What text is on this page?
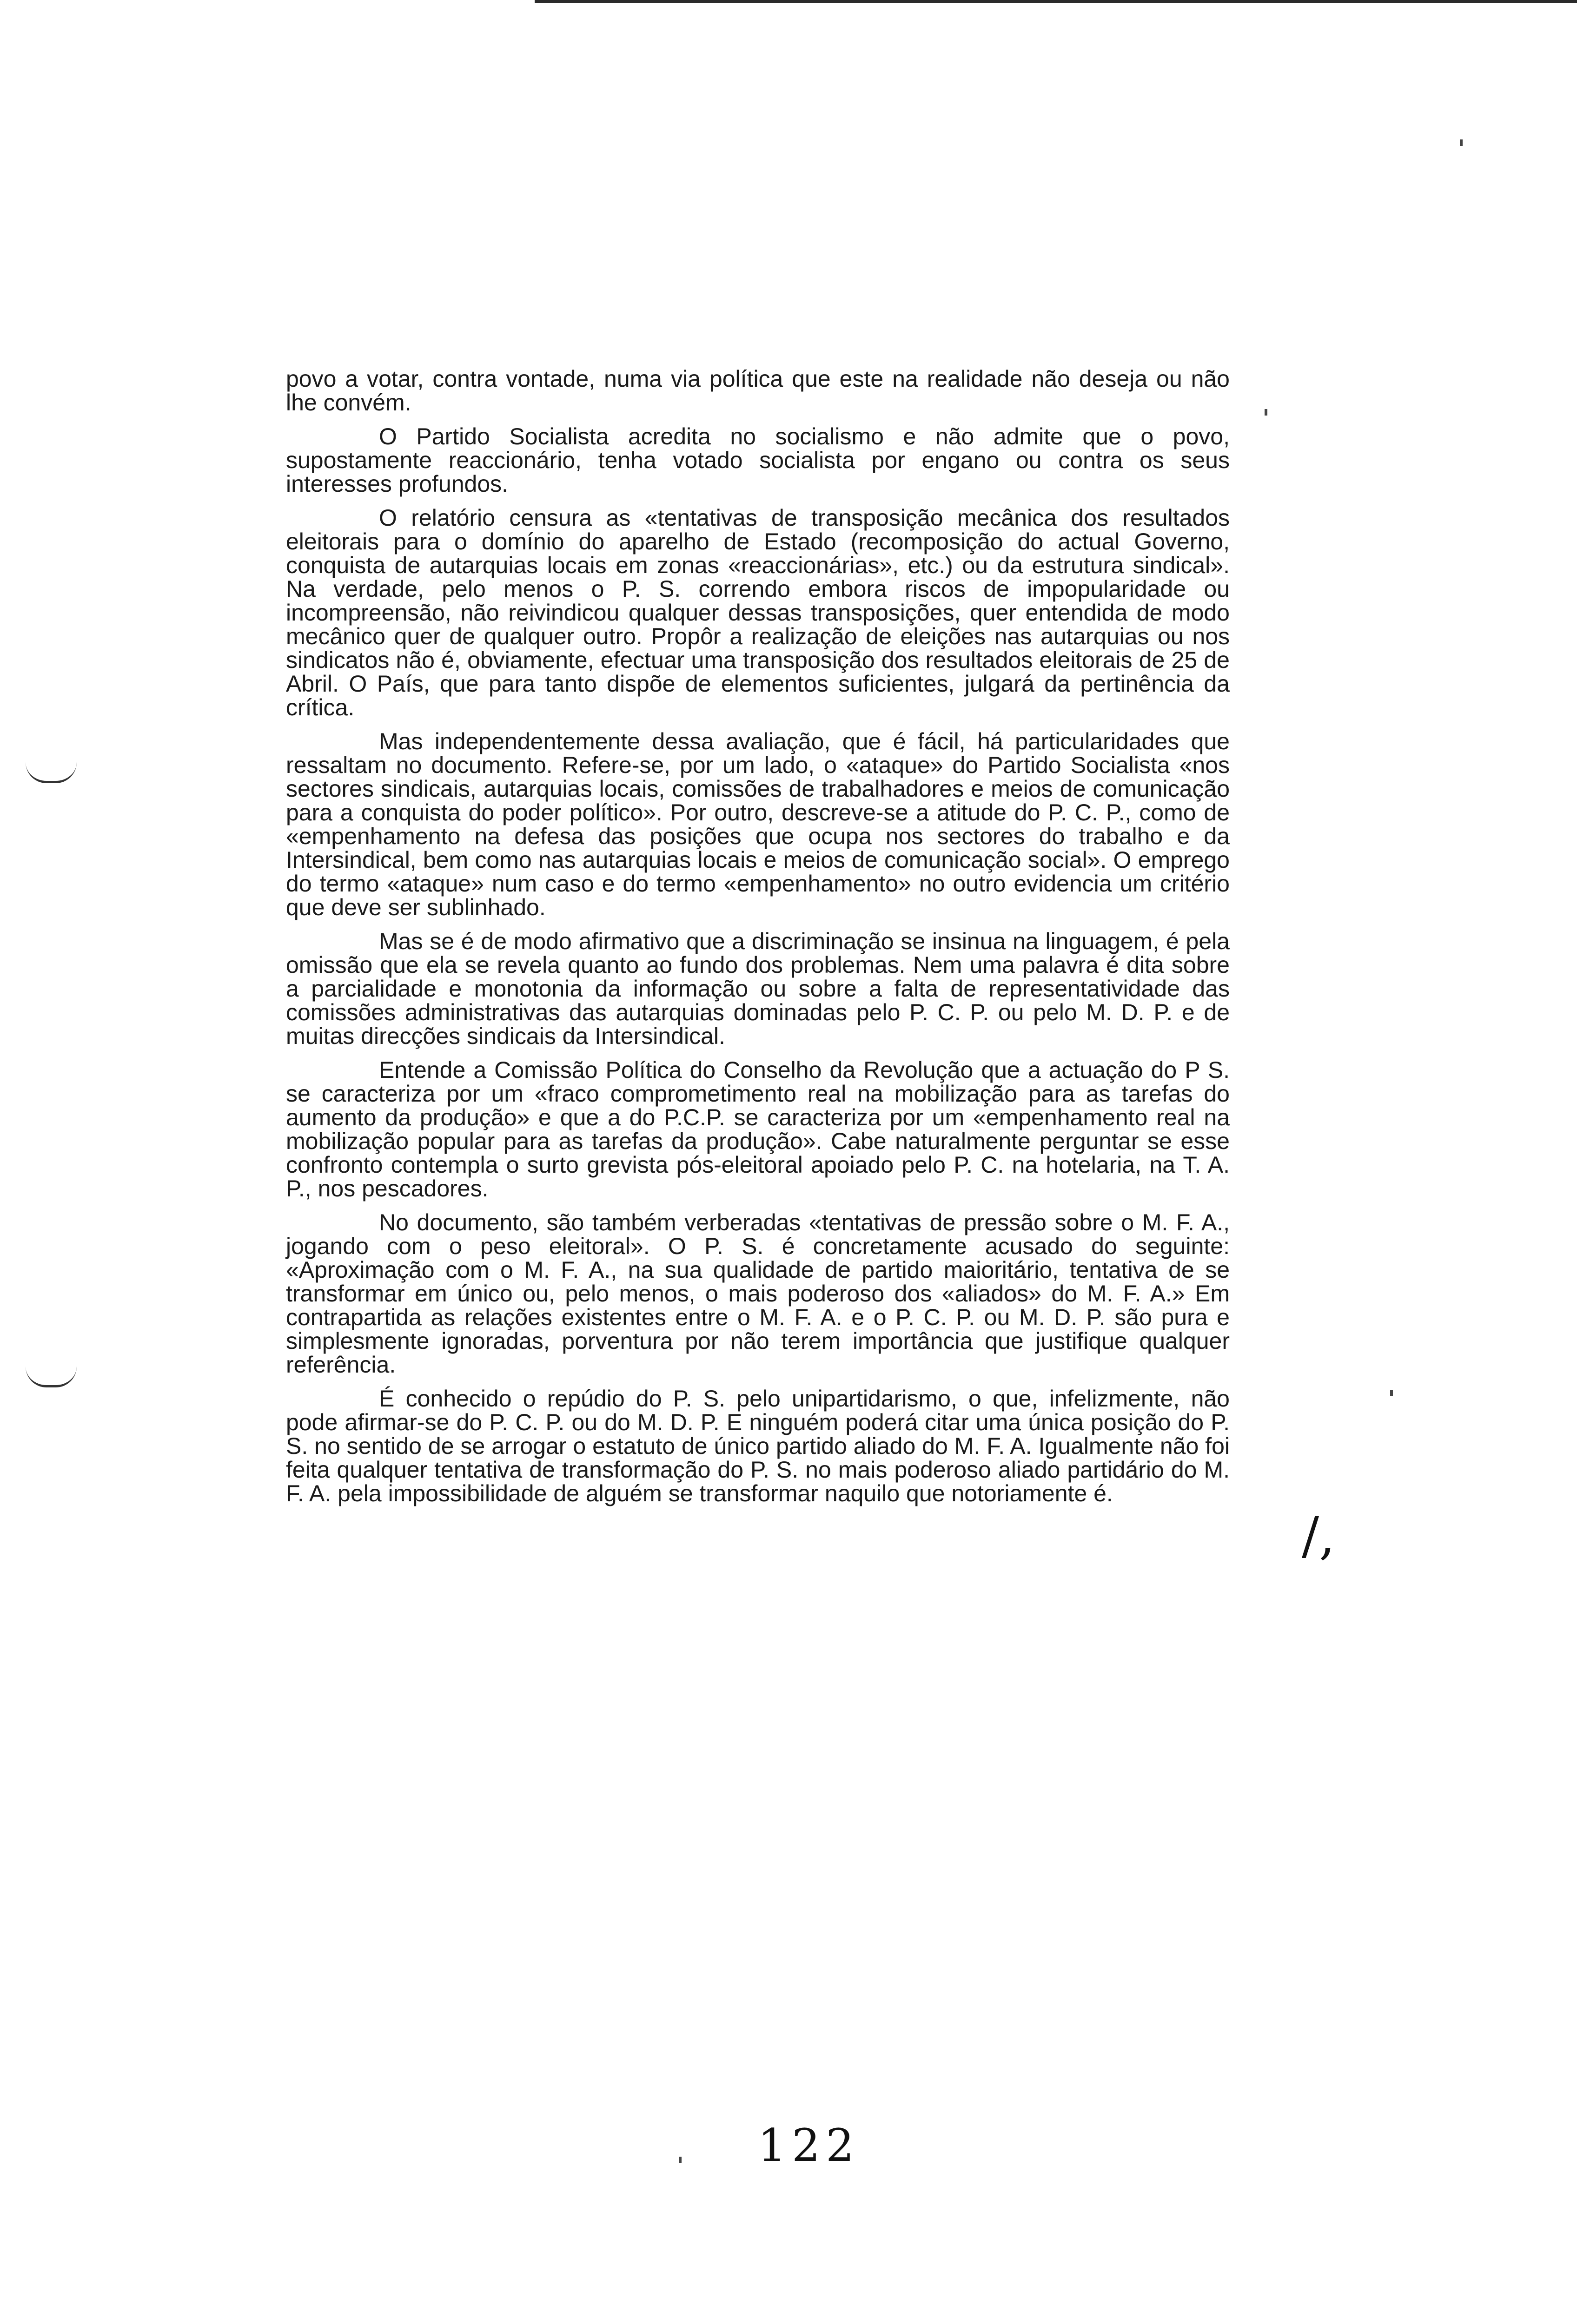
povo a votar, contra vontade, numa via política que este na realidade não deseja ou não lhe convém.

O Partido Socialista acredita no socialismo e não admite que o povo, supostamente reaccionário, tenha votado socialista por engano ou contra os seus interesses profundos.

O relatório censura as «tentativas de transposição mecânica dos resultados eleitorais para o domínio do aparelho de Estado (recomposição do actual Governo, conquista de autarquias locais em zonas «reaccionárias», etc.) ou da estrutura sindical». Na verdade, pelo menos o P. S. correndo embora riscos de impopularidade ou incompreensão, não reivindicou qualquer dessas transposições, quer entendida de modo mecânico quer de qualquer outro. Propôr a realização de eleições nas autarquias ou nos sindicatos não é, obviamente, efectuar uma transposição dos resultados eleitorais de 25 de Abril. O País, que para tanto dispõe de elementos suficientes, julgará da pertinência da crítica.

Mas independentemente dessa avaliação, que é fácil, há particularidades que ressaltam no documento. Refere-se, por um lado, o «ataque» do Partido Socialista «nos sectores sindicais, autarquias locais, comissões de trabalhadores e meios de comunicação para a conquista do poder político». Por outro, descreve-se a atitude do P. C. P., como de «empenhamento na defesa das posições que ocupa nos sectores do trabalho e da Intersindical, bem como nas autarquias locais e meios de comunicação social». O emprego do termo «ataque» num caso e do termo «empenhamento» no outro evidencia um critério que deve ser sublinhado.

Mas se é de modo afirmativo que a discriminação se insinua na linguagem, é pela omissão que ela se revela quanto ao fundo dos problemas. Nem uma palavra é dita sobre a parcialidade e monotonia da informação ou sobre a falta de representatividade das comissões administrativas das autarquias dominadas pelo P. C. P. ou pelo M. D. P. e de muitas direcções sindicais da Intersindical.

Entende a Comissão Política do Conselho da Revolução que a actuação do P S. se caracteriza por um «fraco comprometimento real na mobilização para as tarefas do aumento da produção» e que a do P.C.P. se caracteriza por um «empenhamento real na mobilização popular para as tarefas da produção». Cabe naturalmente perguntar se esse confronto contempla o surto grevista pós-eleitoral apoiado pelo P. C. na hotelaria, na T. A. P., nos pescadores.

No documento, são também verberadas «tentativas de pressão sobre o M. F. A., jogando com o peso eleitoral». O P. S. é concretamente acusado do seguinte: «Aproximação com o M. F. A., na sua qualidade de partido maioritário, tentativa de se transformar em único ou, pelo menos, o mais poderoso dos «aliados» do M. F. A.» Em contrapartida as relações existentes entre o M. F. A. e o P. C. P. ou M. D. P. são pura e simplesmente ignoradas, porventura por não terem importância que justifique qualquer referência.

É conhecido o repúdio do P. S. pelo unipartidarismo, o que, infelizmente, não pode afirmar-se do P. C. P. ou do M. D. P. E ninguém poderá citar uma única posição do P. S. no sentido de se arrogar o estatuto de único partido aliado do M. F. A. Igualmente não foi feita qualquer tentativa de transformação do P. S. no mais poderoso aliado partidário do M. F. A. pela impossibilidade de alguém se transformar naquilo que notoriamente é.

/,
122
